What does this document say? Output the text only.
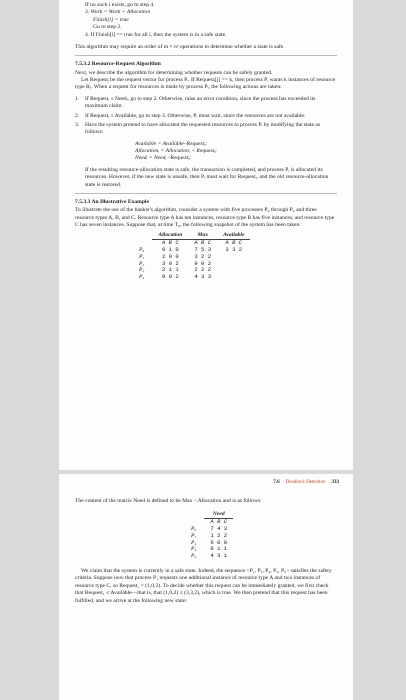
If no such i exists, go to step 4.

3. Work = Work + Allocation

Finish[i] = true

Go to step 2.

4. If Finish[i] == true for all i, then the system is in a safe state.

This algorithm may require an order of m × n² operations to determine whether a state is safe.

7.5.3.2 Resource-Request Algorithm

Next, we describe the algorithm for determining whether requests can be safely granted.

Let Requestᵢ be the request vector for process Pᵢ. If Requestᵢ[j] == k, then process Pᵢ wants k instances of resource type Rⱼ. When a request for resources is made by process Pᵢ, the following actions are taken:

1.	If Requestᵢ ≤ Needᵢ, go to step 2. Otherwise, raise an error condition, since the process has exceeded its maximum claim.
2.	If Requestᵢ ≤ Available, go to step 3. Otherwise, Pᵢ must wait, since the resources are not available.
3.	Have the system pretend to have allocated the requested resources to process Pᵢ by modifying the state as follows:

Available = Available–Requestᵢ;

Allocationᵢ = Allocationᵢ + Requestᵢ;

Needᵢ = Needᵢ –Requestᵢ;

If the resulting resource-allocation state is safe, the transaction is completed, and process Pᵢ is allocated its resources. However, if the new state is unsafe, then Pᵢ must wait for Requestᵢ, and the old resource-allocation state is restored.

7.5.3.3 An Illustrative Example

To illustrate the use of the banker's algorithm, consider a system with five processes P₀ through P₄ and three resource types A, B, and C. Resource type A has ten instances, resource type B has five instances, and resource type C has seven instances. Suppose that, at time T₀, the following snapshot of the system has been taken:

	Allocation	Max	Available
	A B C	A B C	A B C
P₀	0 1 0	7 5 3	3 3 2
P₁	2 0 0	3 2 2	
P₂	3 0 2	9 0 2	
P₃	2 1 1	2 2 2	
P₄	0 0 2	4 3 3	
7.6 Deadlock Detection 333

The content of the matrix Need is defined to be Max – Allocation and is as follows:

	Need
	A B C
P₀	7 4 3
P₁	1 2 2
P₂	6 0 0
P₃	0 1 1
P₄	4 3 1

We claim that the system is currently in a safe state. Indeed, the sequence <P₁, P₃, P₄, P₂, P₀> satisfies the safety criteria. Suppose now that process P₁ requests one additional instance of resource type A and two instances of resource type C, so Request₁ = (1,0,2). To decide whether this request can be immediately granted, we first check that Request₁ ≤ Available—that is, that (1,0,2) ≤ (3,3,2), which is true. We then pretend that this request has been fulfilled, and we arrive at the following new state:
